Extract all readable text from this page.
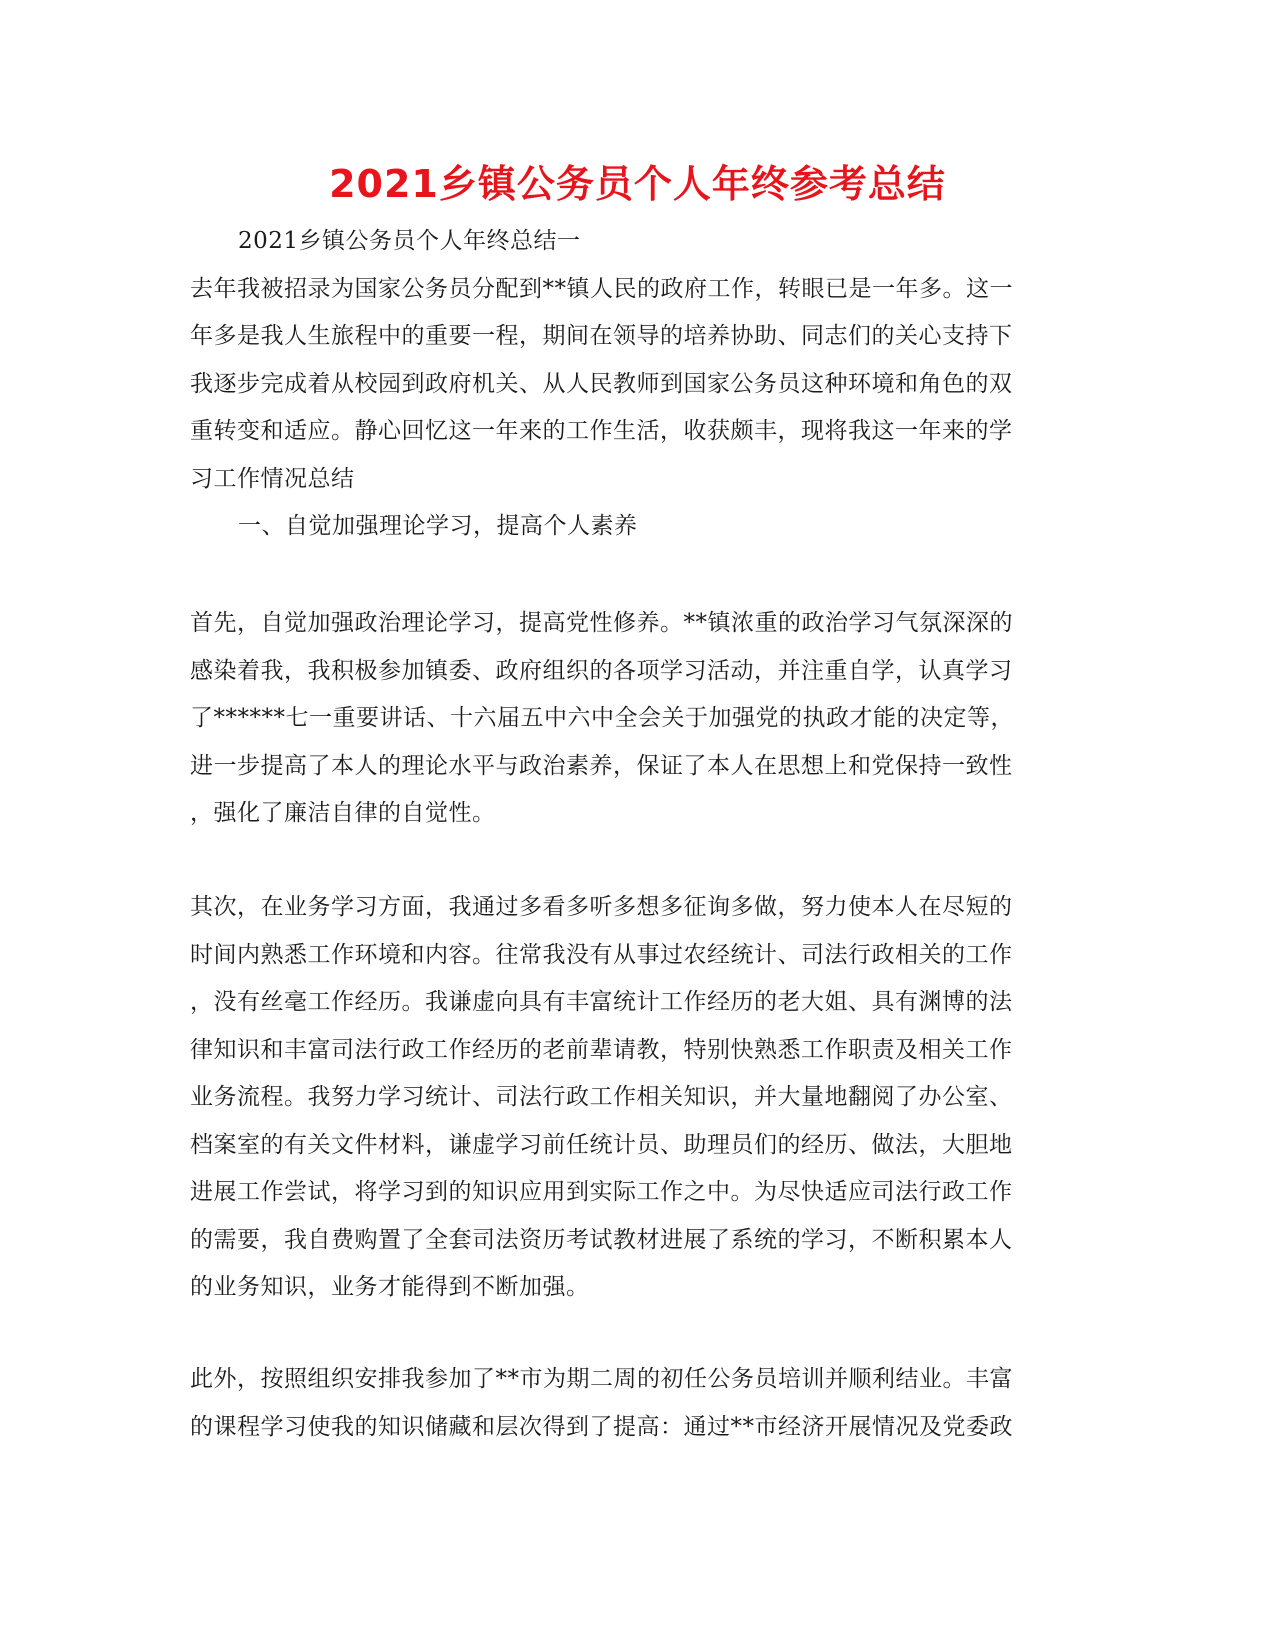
2021乡镇公务员个人年终参考总结
2021乡镇公务员个人年终总结一
去年我被招录为国家公务员分配到**镇人民的政府工作，转眼已是一年多。这一
年多是我人生旅程中的重要一程，期间在领导的培养协助、同志们的关心支持下
我逐步完成着从校园到政府机关、从人民教师到国家公务员这种环境和角色的双
重转变和适应。静心回忆这一年来的工作生活，收获颇丰，现将我这一年来的学
习工作情况总结
一、自觉加强理论学习，提高个人素养
首先，自觉加强政治理论学习，提高党性修养。**镇浓重的政治学习气氛深深的
感染着我，我积极参加镇委、政府组织的各项学习活动，并注重自学，认真学习
了******七一重要讲话、十六届五中六中全会关于加强党的执政才能的决定等，
进一步提高了本人的理论水平与政治素养，保证了本人在思想上和党保持一致性
，强化了廉洁自律的自觉性。
其次，在业务学习方面，我通过多看多听多想多征询多做，努力使本人在尽短的
时间内熟悉工作环境和内容。往常我没有从事过农经统计、司法行政相关的工作
，没有丝毫工作经历。我谦虚向具有丰富统计工作经历的老大姐、具有渊博的法
律知识和丰富司法行政工作经历的老前辈请教，特别快熟悉工作职责及相关工作
业务流程。我努力学习统计、司法行政工作相关知识，并大量地翻阅了办公室、
档案室的有关文件材料，谦虚学习前任统计员、助理员们的经历、做法，大胆地
进展工作尝试，将学习到的知识应用到实际工作之中。为尽快适应司法行政工作
的需要，我自费购置了全套司法资历考试教材进展了系统的学习，不断积累本人
的业务知识，业务才能得到不断加强。
此外，按照组织安排我参加了**市为期二周的初任公务员培训并顺利结业。丰富
的课程学习使我的知识储藏和层次得到了提高：通过**市经济开展情况及党委政
